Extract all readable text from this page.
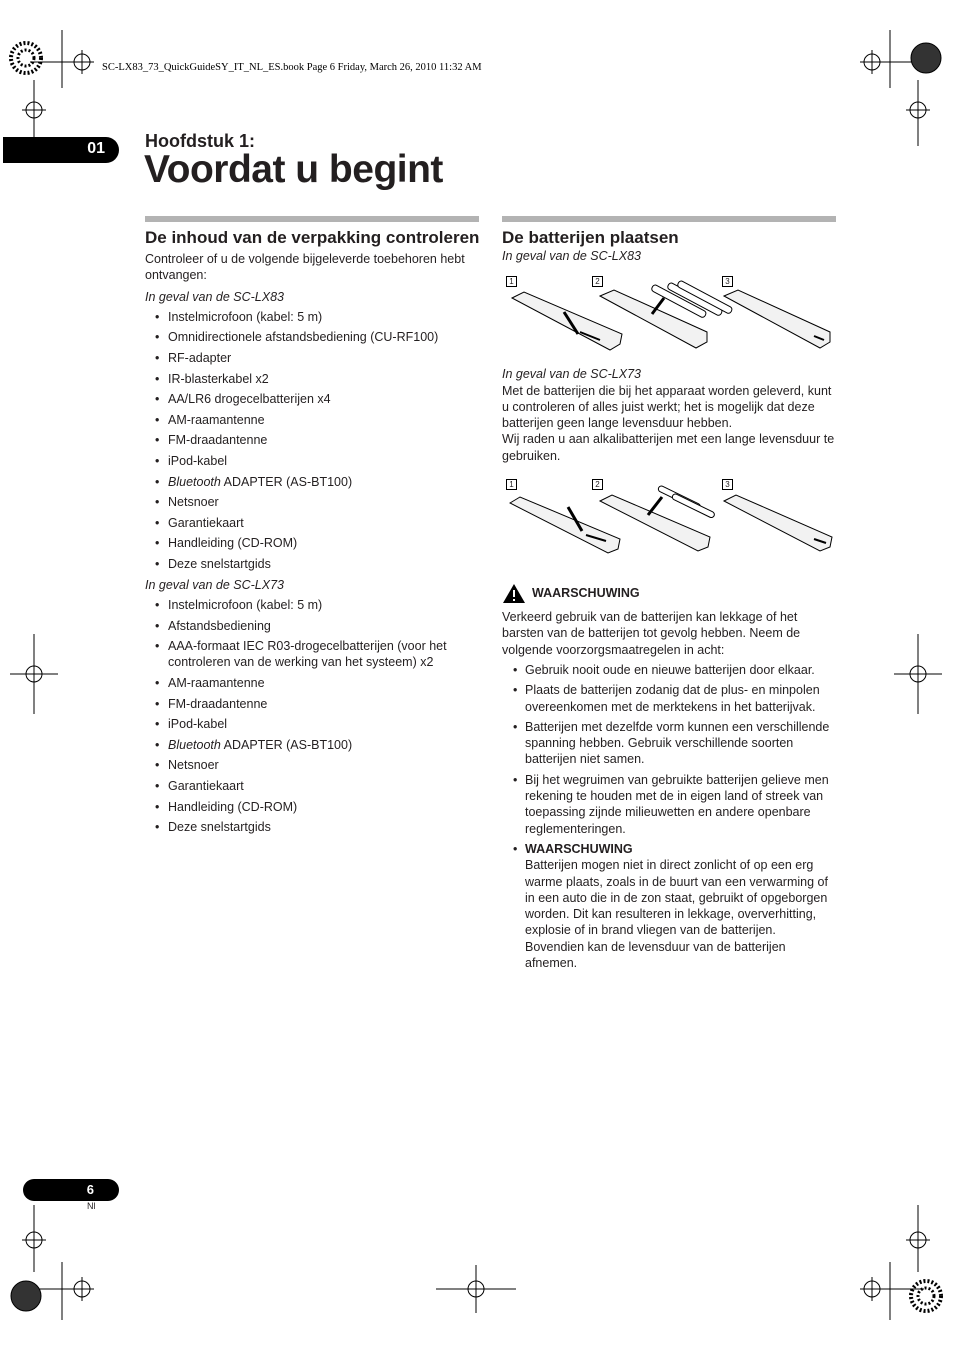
SC-LX83_73_QuickGuideSY_IT_NL_ES.book Page 6 Friday, March 26, 2010 11:32 AM
01 Hoofdstuk 1:
Voordat u begint
De inhoud van de verpakking controleren

Controleer of u de volgende bijgeleverde toebehoren hebt ontvangen:

In geval van de SC-LX83

• Instelmicrofoon (kabel: 5 m)
• Omnidirectionele afstandsbediening (CU-RF100)
• RF-adapter
• IR-blasterkabel x2
• AA/LR6 drogecelbatterijen x4
• AM-raamantenne
• FM-draadantenne
• iPod-kabel
• Bluetooth ADAPTER (AS-BT100)
• Netsnoer
• Garantiekaart
• Handleiding (CD-ROM)
• Deze snelstartgids

In geval van de SC-LX73

• Instelmicrofoon (kabel: 5 m)
• Afstandsbediening
• AAA-formaat IEC R03-drogecelbatterijen (voor het controleren van de werking van het systeem) x2
• AM-raamantenne
• FM-draadantenne
• iPod-kabel
• Bluetooth ADAPTER (AS-BT100)
• Netsnoer
• Garantiekaart
• Handleiding (CD-ROM)
• Deze snelstartgids
De batterijen plaatsen

In geval van de SC-LX83

1	2	3

In geval van de SC-LX73

Met de batterijen die bij het apparaat worden geleverd, kunt u controleren of alles juist werkt; het is mogelijk dat deze batterijen geen lange levensduur hebben.

Wij raden u aan alkalibatterijen met een lange levensduur te gebruiken.

1	2	3
WAARSCHUWING

Verkeerd gebruik van de batterijen kan lekkage of het barsten van de batterijen tot gevolg hebben. Neem de volgende voorzorgsmaatregelen in acht:

• Gebruik nooit oude en nieuwe batterijen door elkaar.
• Plaats de batterijen zodanig dat de plus- en minpolen overeenkomen met de merktekens in het batterijvak.
• Batterijen met dezelfde vorm kunnen een verschillende spanning hebben. Gebruik verschillende soorten batterijen niet samen.
• Bij het wegruimen van gebruikte batterijen gelieve men rekening te houden met de in eigen land of streek van toepassing zijnde milieuwetten en andere openbare reglementeringen.
• WAARSCHUWING
Batterijen mogen niet in direct zonlicht of op een erg warme plaats, zoals in de buurt van een verwarming of in een auto die in de zon staat, gebruikt of opgeborgen worden. Dit kan resulteren in lekkage, oververhitting, explosie of in brand vliegen van de batterijen. Bovendien kan de levensduur van de batterijen afnemen.
6
Nl
